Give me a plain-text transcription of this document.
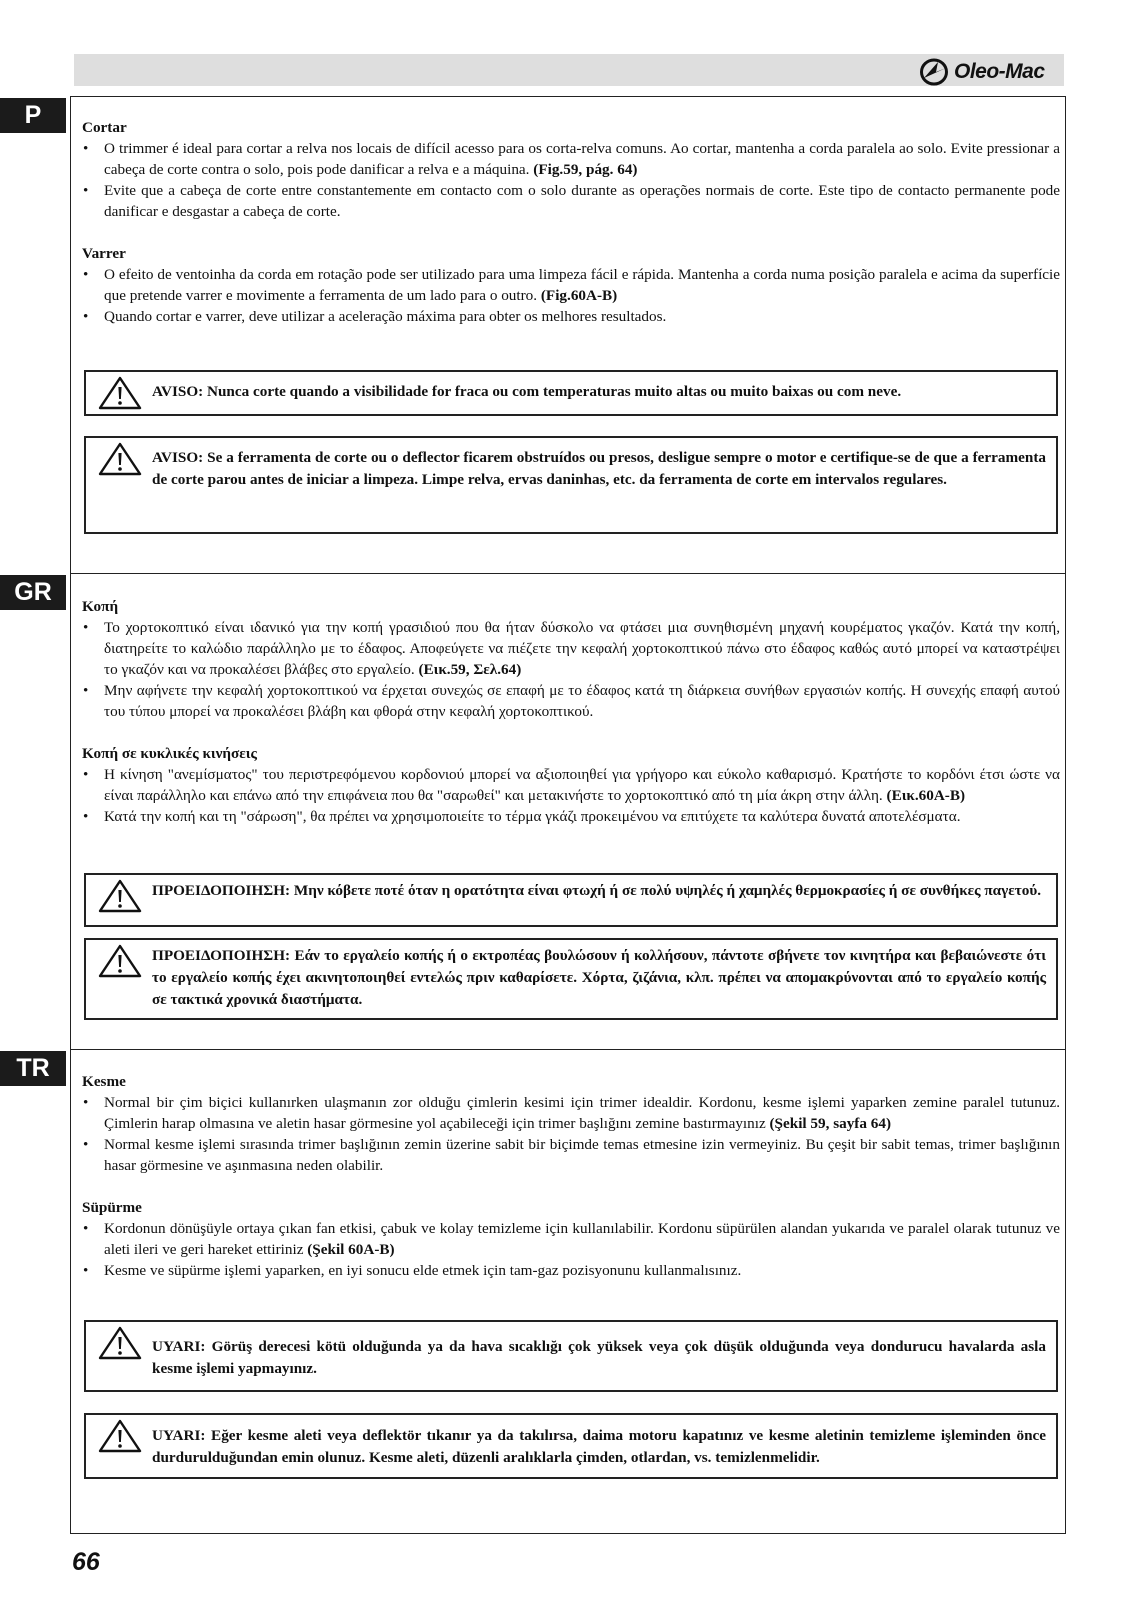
Oleo-Mac
P
GR
TR
Cortar
• O trimmer é ideal para cortar a relva nos locais de difícil acesso para os corta-relva comuns. Ao cortar, mantenha a corda paralela ao solo. Evite pressionar a cabeça de corte contra o solo, pois pode danificar a relva e a máquina. (Fig.59, pág. 64)
• Evite que a cabeça de corte entre constantemente em contacto com o solo durante as operações normais de corte. Este tipo de contacto permanente pode danificar e desgastar a cabeça de corte.
Varrer
• O efeito de ventoinha da corda em rotação pode ser utilizado para uma limpeza fácil e rápida. Mantenha a corda numa posição paralela e acima da superfície que pretende varrer e movimente a ferramenta de um lado para o outro. (Fig.60A-B)
• Quando cortar e varrer, deve utilizar a aceleração máxima para obter os melhores resultados.
AVISO: Nunca corte quando a visibilidade for fraca ou com temperaturas muito altas ou muito baixas ou com neve.
AVISO: Se a ferramenta de corte ou o deflector ficarem obstruídos ou presos, desligue sempre o motor e certifique-se de que a ferramenta de corte parou antes de iniciar a limpeza. Limpe relva, ervas daninhas, etc. da ferramenta de corte em intervalos regulares.
Κοπή
• Το χορτοκοπτικό είναι ιδανικό για την κοπή γρασιδιού που θα ήταν δύσκολο να φτάσει μια συνηθισμένη μηχανή κουρέματος γκαζόν. Κατά την κοπή, διατηρείτε το καλώδιο παράλληλο με το έδαφος. Αποφεύγετε να πιέζετε την κεφαλή χορτοκοπτικού πάνω στο έδαφος καθώς αυτό μπορεί να καταστρέψει το γκαζόν και να προκαλέσει βλάβες στο εργαλείο. (Εικ.59, Σελ.64)
• Μην αφήνετε την κεφαλή χορτοκοπτικού να έρχεται συνεχώς σε επαφή με το έδαφος κατά τη διάρκεια συνήθων εργασιών κοπής. Η συνεχής επαφή αυτού του τύπου μπορεί να προκαλέσει βλάβη και φθορά στην κεφαλή χορτοκοπτικού.
Κοπή σε κυκλικές κινήσεις
• Η κίνηση "ανεμίσματος" του περιστρεφόμενου κορδονιού μπορεί να αξιοποιηθεί για γρήγορο και εύκολο καθαρισμό. Κρατήστε το κορδόνι έτσι ώστε να είναι παράλληλο και επάνω από την επιφάνεια που θα "σαρωθεί" και μετακινήστε το χορτοκοπτικό από τη μία άκρη στην άλλη. (Εικ.60A-B)
• Κατά την κοπή και τη "σάρωση", θα πρέπει να χρησιμοποιείτε το τέρμα γκάζι προκειμένου να επιτύχετε τα καλύτερα δυνατά αποτελέσματα.
ΠΡΟΕΙΔΟΠΟΙΗΣΗ: Μην κόβετε ποτέ όταν η ορατότητα είναι φτωχή ή σε πολύ υψηλές ή χαμηλές θερμοκρασίες ή σε συνθήκες παγετού.
ΠΡΟΕΙΔΟΠΟΙΗΣΗ: Εάν το εργαλείο κοπής ή ο εκτροπέας βουλώσουν ή κολλήσουν, πάντοτε σβήνετε τον κινητήρα και βεβαιώνεστε ότι το εργαλείο κοπής έχει ακινητοποιηθεί εντελώς πριν καθαρίσετε. Χόρτα, ζιζάνια, κλπ. πρέπει να απομακρύνονται από το εργαλείο κοπής σε τακτικά χρονικά διαστήματα.
Kesme
• Normal bir çim biçici kullanırken ulaşmanın zor olduğu çimlerin kesimi için trimer idealdir. Kordonu, kesme işlemi yaparken zemine paralel tutunuz. Çimlerin harap olmasına ve aletin hasar görmesine yol açabileceği için trimer başlığını zemine bastırmayınız (Şekil 59, sayfa 64)
• Normal kesme işlemi sırasında trimer başlığının zemin üzerine sabit bir biçimde temas etmesine izin vermeyiniz. Bu çeşit bir sabit temas, trimer başlığının hasar görmesine ve aşınmasına neden olabilir.
Süpürme
• Kordonun dönüşüyle ortaya çıkan fan etkisi, çabuk ve kolay temizleme için kullanılabilir. Kordonu süpürülen alandan yukarıda ve paralel olarak tutunuz ve aleti ileri ve geri hareket ettiriniz (Şekil 60A-B)
• Kesme ve süpürme işlemi yaparken, en iyi sonucu elde etmek için tam-gaz pozisyonunu kullanmalısınız.
UYARI: Görüş derecesi kötü olduğunda ya da hava sıcaklığı çok yüksek veya çok düşük olduğunda veya dondurucu havalarda asla kesme işlemi yapmayınız.
UYARI: Eğer kesme aleti veya deflektör tıkanır ya da takılırsa, daima motoru kapatınız ve kesme aletinin temizleme işleminden önce durdurulduğundan emin olunuz. Kesme aleti, düzenli aralıklarla çimden, otlardan, vs. temizlenmelidir.
66
